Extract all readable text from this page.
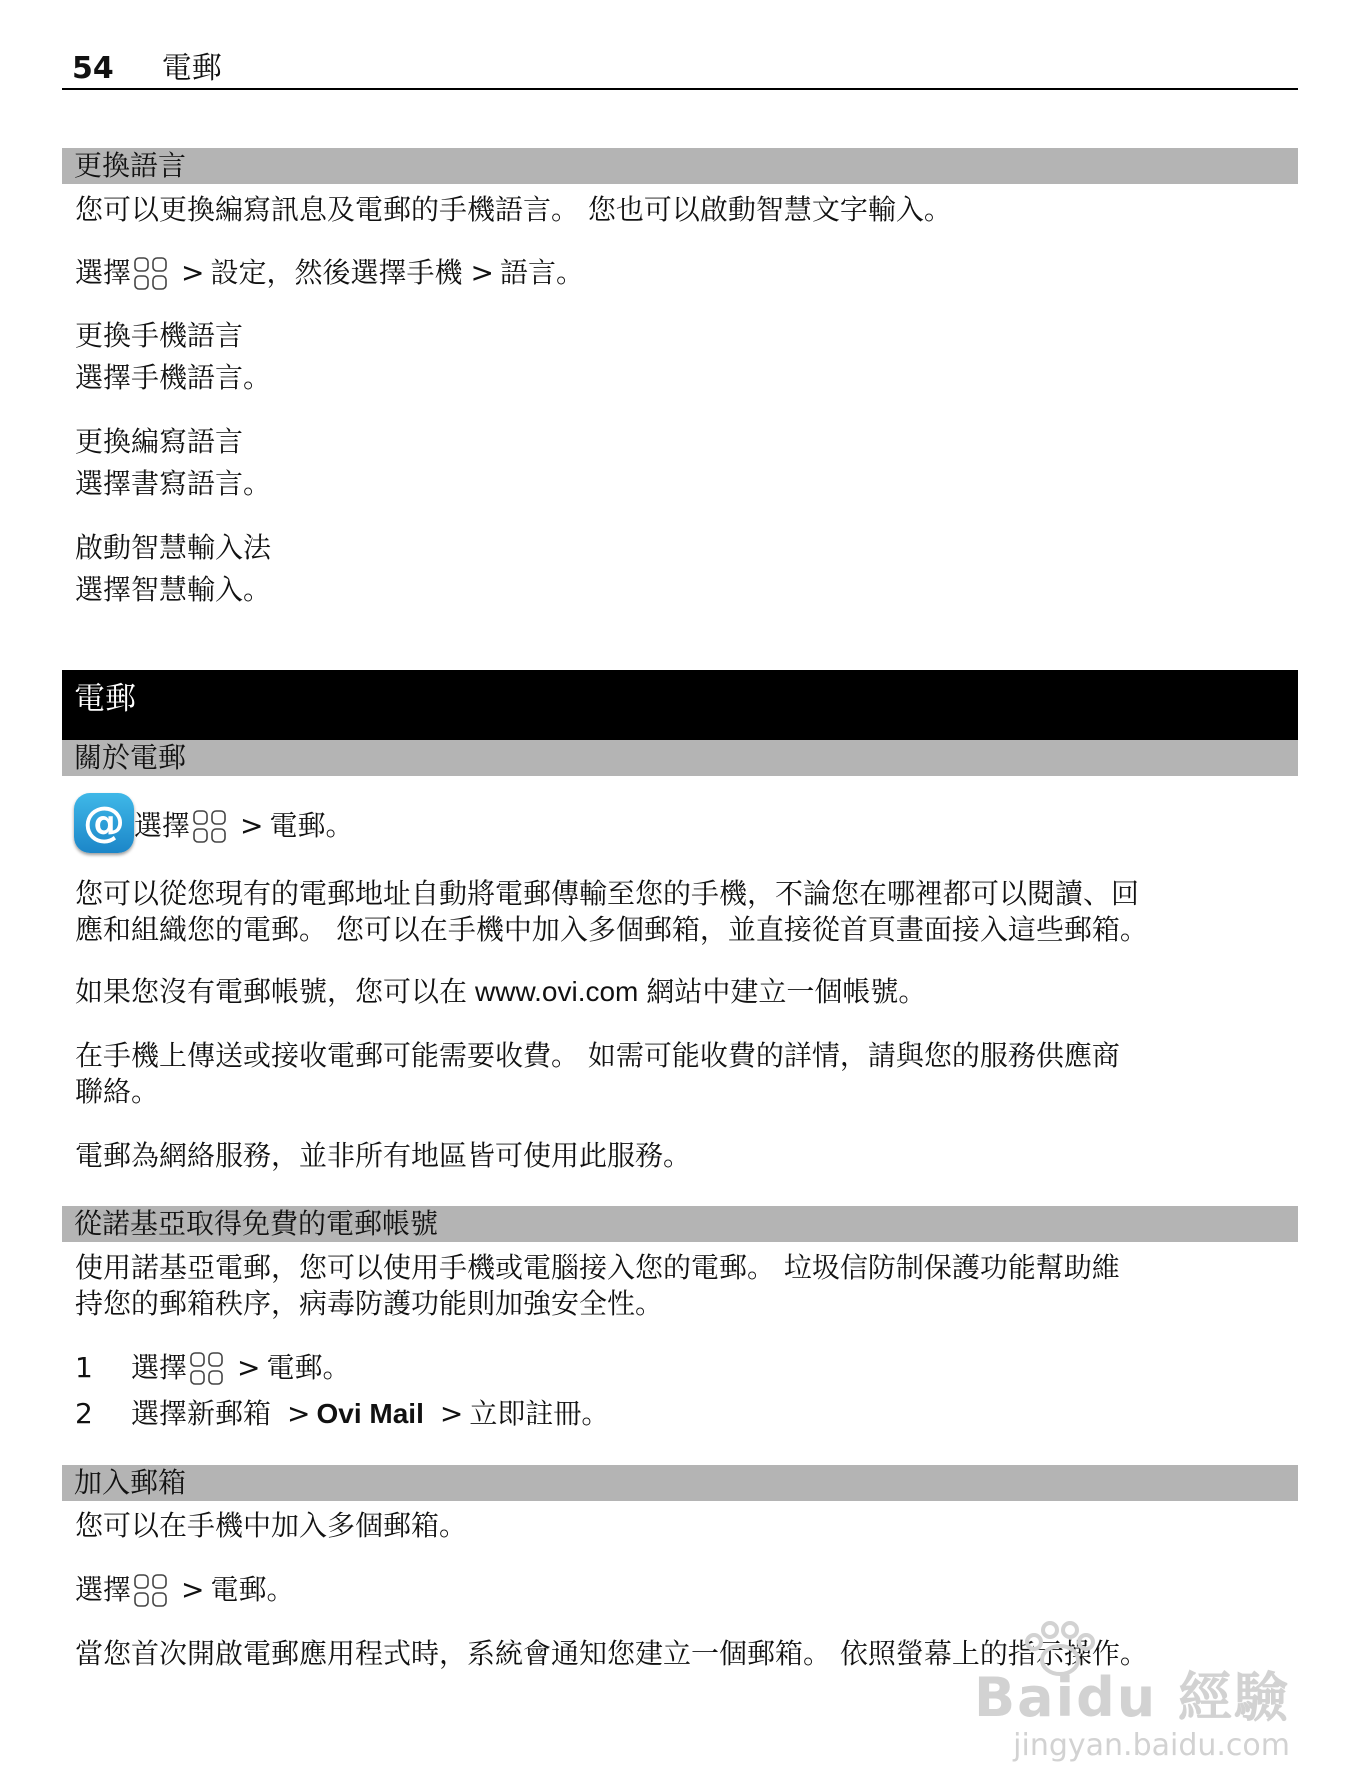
54 電郵
更換語言
您可以更換編寫訊息及電郵的手機語言。 您也可以啟動智慧文字輸入。
選擇 > 設定，然後選擇手機 > 語言。
更換手機語言
選擇手機語言。
更換編寫語言
選擇書寫語言。
啟動智慧輸入法
選擇智慧輸入。
電郵
關於電郵
@ 選擇 > 電郵。
您可以從您現有的電郵地址自動將電郵傳輸至您的手機，不論您在哪裡都可以閱讀、回
應和組織您的電郵。 您可以在手機中加入多個郵箱，並直接從首頁畫面接入這些郵箱。
如果您沒有電郵帳號，您可以在 www.ovi.com 網站中建立一個帳號。
在手機上傳送或接收電郵可能需要收費。 如需可能收費的詳情，請與您的服務供應商
聯絡。
電郵為網絡服務，並非所有地區皆可使用此服務。
從諾基亞取得免費的電郵帳號
使用諾基亞電郵，您可以使用手機或電腦接入您的電郵。 垃圾信防制保護功能幫助維
持您的郵箱秩序，病毒防護功能則加強安全性。
1 選擇 > 電郵。
2 選擇新郵箱 > Ovi Mail > 立即註冊。
加入郵箱
您可以在手機中加入多個郵箱。
選擇 > 電郵。
當您首次開啟電郵應用程式時，系統會通知您建立一個郵箱。 依照螢幕上的指示操作。
Baidu 經驗
jingyan.baidu.com
